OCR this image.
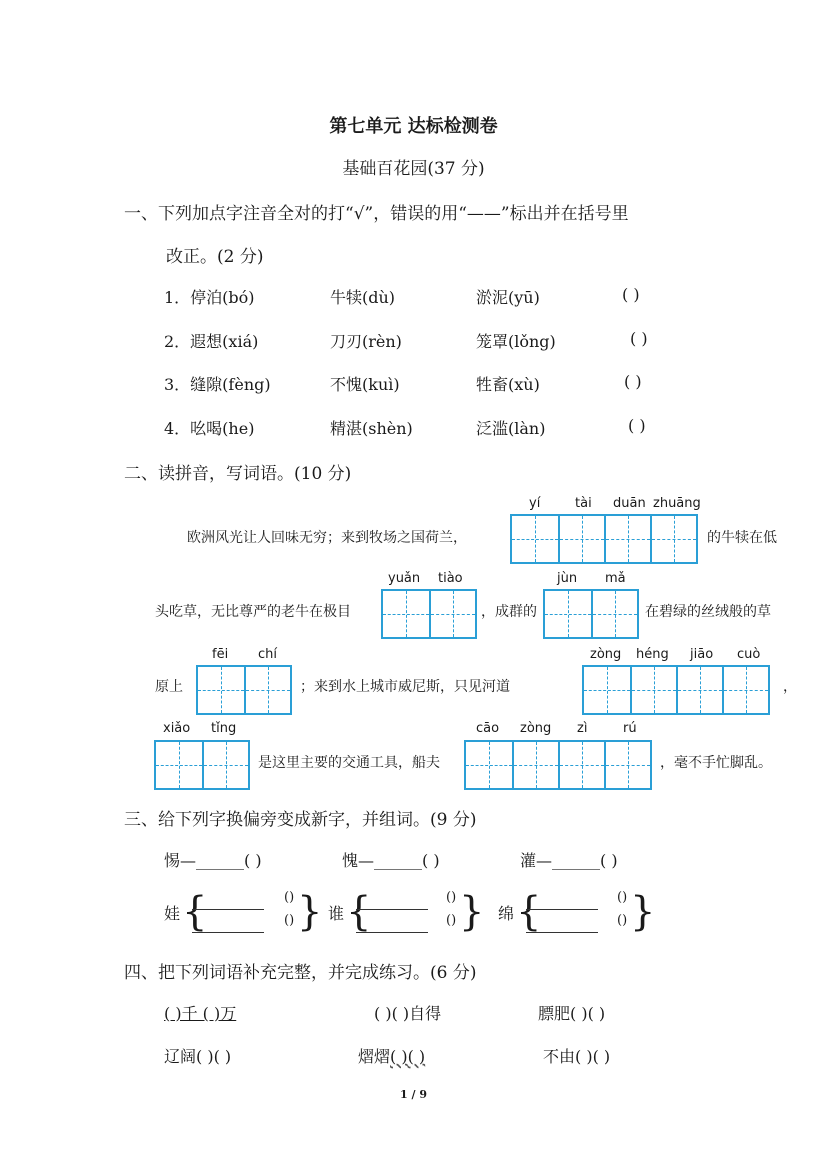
第七单元 达标检测卷
基础百花园(37 分)
一、下列加点字注音全对的打“√”，错误的用“——”标出并在括号里
改正。(2 分)
1．停泊(bó)	牛犊(dù)	淤泥(yū)	( )
2．遐想(xiá)	刀刃(rèn)	笼罩(lǒng)	( )
3．缝隙(fèng)	不愧(kuì)	牲畜(xù)	( )
4．吆喝(he)	精湛(shèn)	泛滥(làn)	( )
二、读拼音，写词语。(10 分)
yí	tài duān zhuāng
欧洲风光让人回味无穷；来到牧场之国荷兰，	的牛犊在低
yuǎn tiào	jùn mǎ
头吃草，无比尊严的老牛在极目	，成群的	在碧绿的丝绒般的草
fēi chí	zòng héng jiāo cuò
原上	；来到水上城市威尼斯，只见河道	，
xiǎo tǐng	cāo zòng zì	rú
是这里主要的交通工具，船夫	，毫不手忙脚乱。
三、给下列字换偏旁变成新字，并组词。(9 分)
惕—______( )	愧—______( )	灌—______( )
娃 {	()
() } 谁 {	()
() } 绵 {	()
() }
四、把下列词语补充完整，并完成练习。(6 分)
( )千 ( )万	( )( )自得	膘肥( )( )
辽阔( )( )	熠熠( )( )	不由( )( )
1 / 9
